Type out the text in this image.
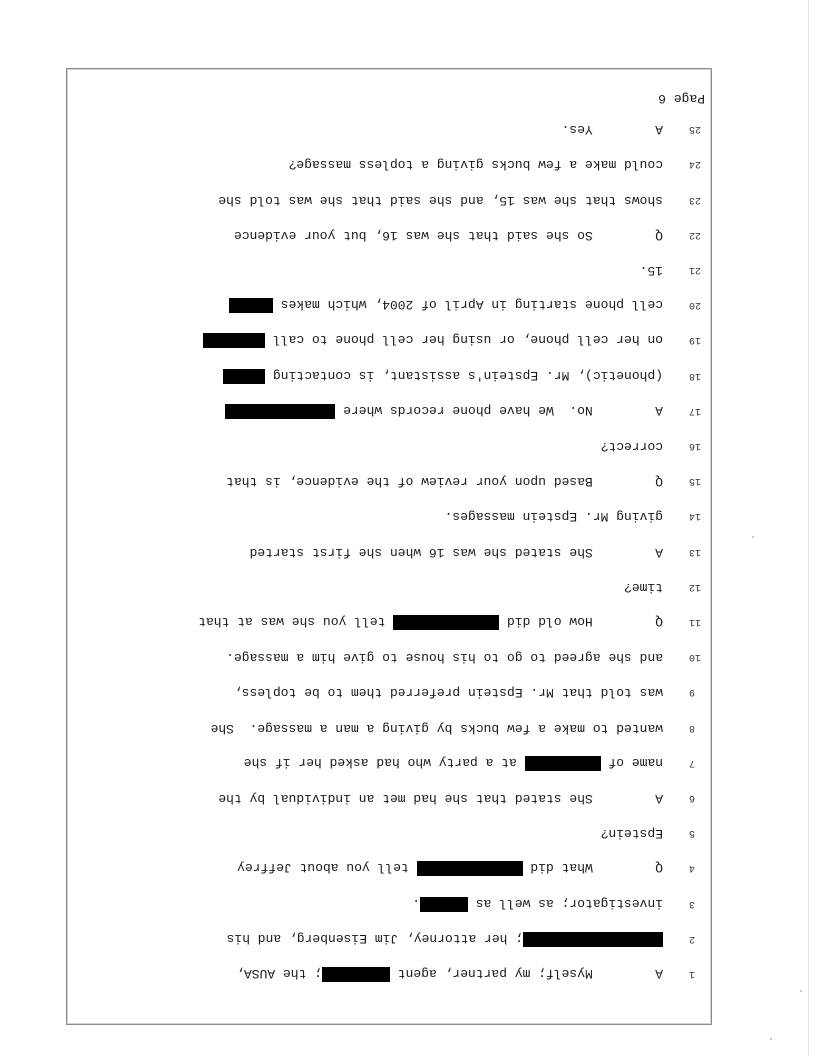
Page 6
1
A        Myself; my partner, agent ; the AUSA,
2
; her attorney, Jim Eisenberg, and his
3
investigator; as well as .
4
Q        What did  tell you about Jeffrey
5
Epstein?
6
A        She stated that she had met an individual by the
7
name of  at a party who had asked her if she
8
wanted to make a few bucks by giving a man a massage.  She
9
was told that Mr. Epstein preferred them to be topless,
10
and she agreed to go to his house to give him a massage.
11
Q        How old did  tell you she was at that
12
time?
13
A        She stated she was 16 when she first started
14
giving Mr. Epstein massages.
15
Q        Based upon your review of the evidence, is that
16
correct?
17
A        No.  We have phone records where
18
(phonetic), Mr. Epstein's assistant, is contacting
19
on her cell phone, or using her cell phone to call
20
cell phone starting in April of 2004, which makes
21
15.
22
Q        So she said that she was 16, but your evidence
23
shows that she was 15, and she said that she was told she
24
could make a few bucks giving a topless massage?
25
A        Yes.
